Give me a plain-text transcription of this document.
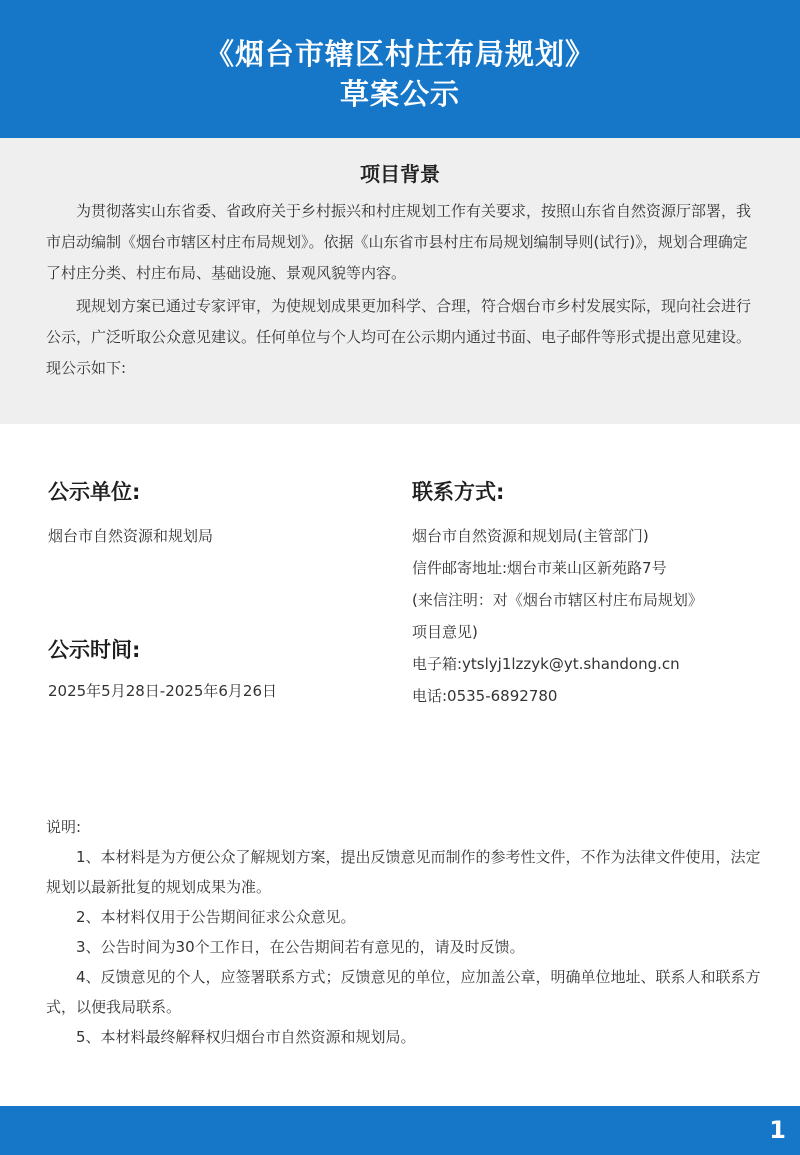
《烟台市辖区村庄布局规划》
草案公示
项目背景

为贯彻落实山东省委、省政府关于乡村振兴和村庄规划工作有关要求，按照山东省自然资源厅部署，我市启动编制《烟台市辖区村庄布局规划》。依据《山东省市县村庄布局规划编制导则(试行)》，规划合理确定了村庄分类、村庄布局、基础设施、景观风貌等内容。

现规划方案已通过专家评审，为使规划成果更加科学、合理，符合烟台市乡村发展实际，现向社会进行公示，广泛听取公众意见建议。任何单位与个人均可在公示期内通过书面、电子邮件等形式提出意见建设。现公示如下:

公示单位:
烟台市自然资源和规划局
公示时间:
2025年5月28日-2025年6月26日
联系方式:
烟台市自然资源和规划局(主管部门)
信件邮寄地址:烟台市莱山区新苑路7号
(来信注明：对《烟台市辖区村庄布局规划》
项目意见)
电子箱:ytslyj1lzzyk@yt.shandong.cn
电话:0535-6892780
说明:

1、本材料是为方便公众了解规划方案，提出反馈意见而制作的参考性文件，不作为法律文件使用，法定规划以最新批复的规划成果为准。

2、本材料仅用于公告期间征求公众意见。

3、公告时间为30个工作日，在公告期间若有意见的，请及时反馈。

4、反馈意见的个人，应签署联系方式；反馈意见的单位，应加盖公章，明确单位地址、联系人和联系方式，以便我局联系。

5、本材料最终解释权归烟台市自然资源和规划局。

1
